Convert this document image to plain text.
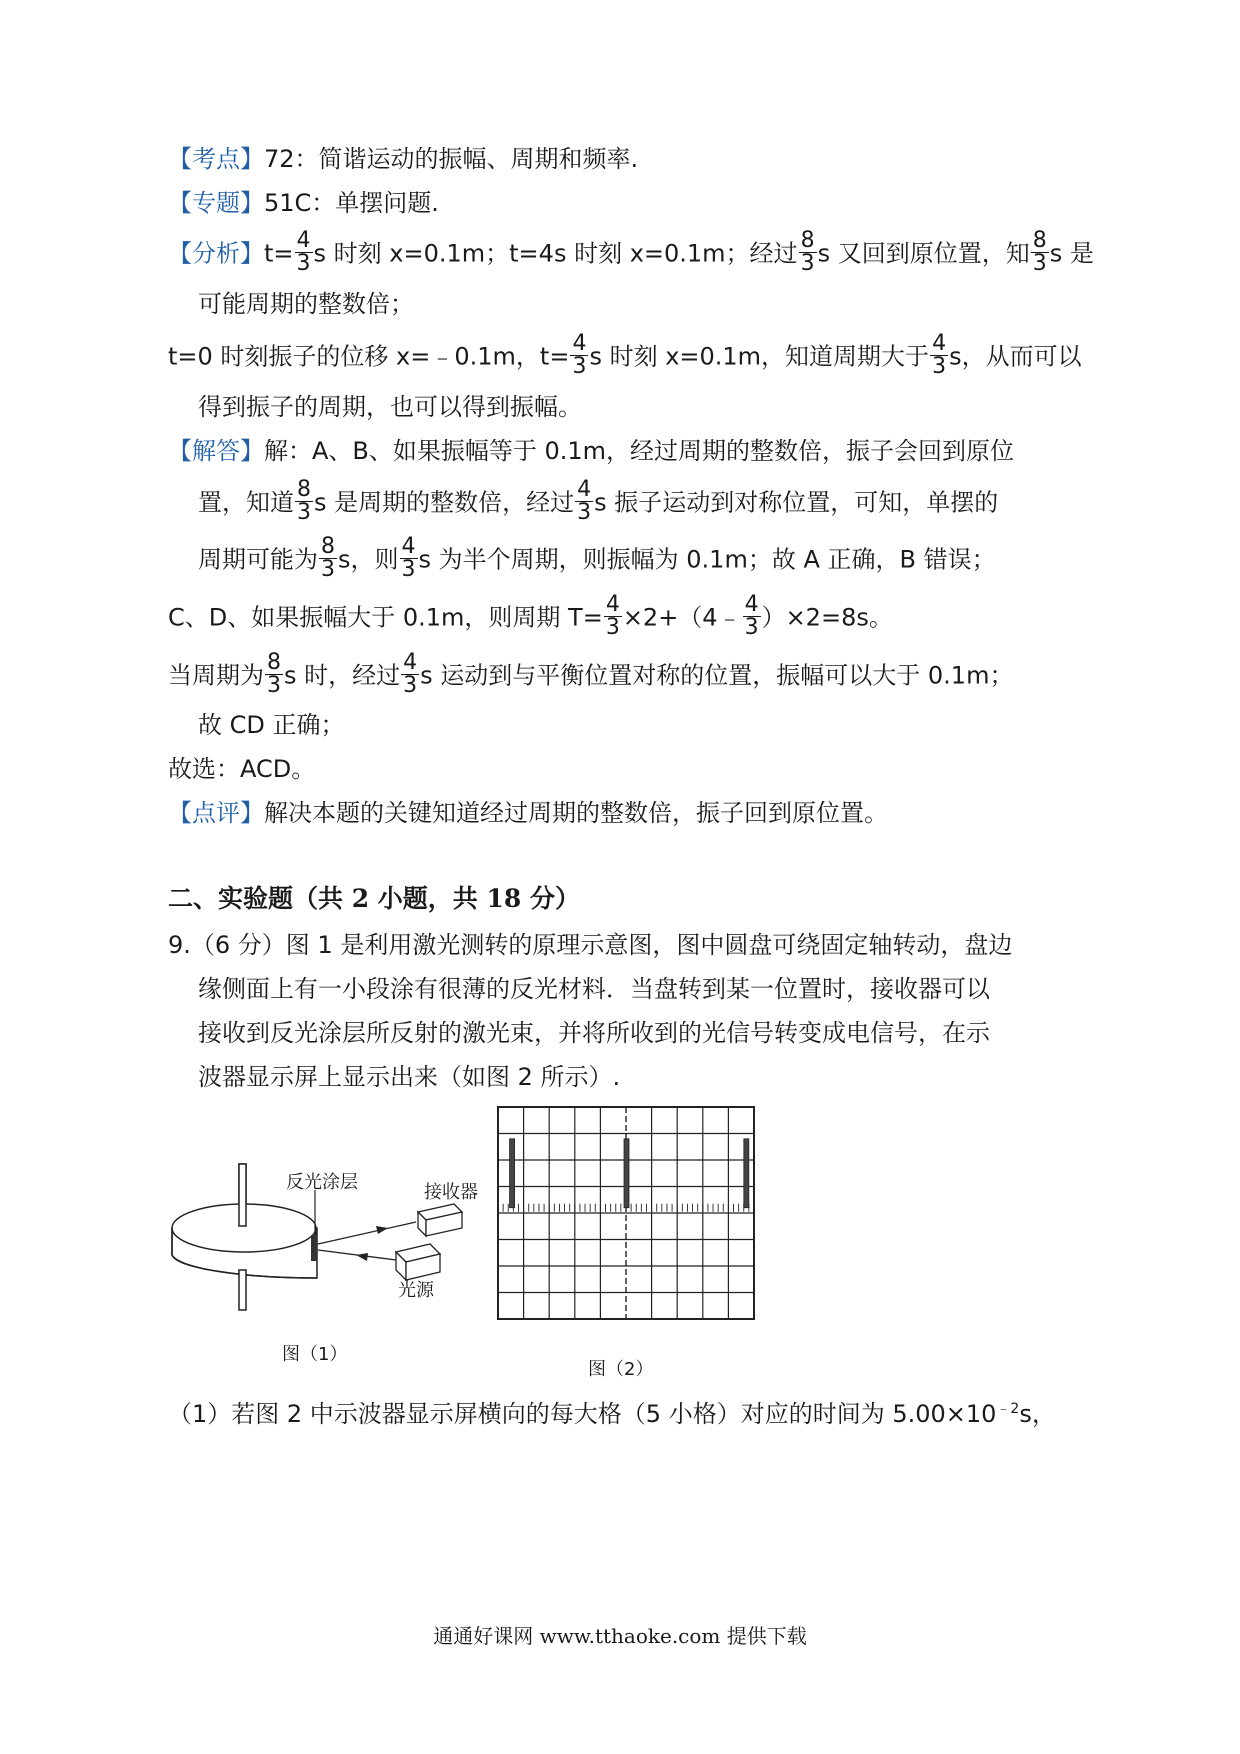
【考点】72：简谐运动的振幅、周期和频率.
【专题】51C：单摆问题.
【分析】$t= \frac{4}{3}$ s 时刻 x=0.1m；t=4s 时刻 x=0.1m；经过 $\frac{8}{3}$ s 又回到原位置，知 $\frac{8}{3}$ s 是
可能周期的整数倍；
t=0 时刻振子的位移 x=﹣0.1m，$t= \frac{4}{3}$ s 时刻 x=0.1m，知道周期大于 $\frac{4}{3}$ s，从而可以
得到振子的周期，也可以得到振幅。
【解答】解：A、B、如果振幅等于 0.1m，经过周期的整数倍，振子会回到原位
置，知道 $\frac{8}{3}$ s 是周期的整数倍，经过 $\frac{4}{3}$ s 振子运动到对称位置，可知，单摆的
周期可能为 $\frac{8}{3}$ s，则 $\frac{4}{3}$ s 为半个周期，则振幅为 0.1m；故 A 正确，B 错误；
C、D、如果振幅大于 0.1m，则周期 $T= \frac{4}{3}$ ×2+（4﹣ $\frac{4}{3} )\times 2=8s$。
当周期为 $\frac{8}{3}$ s 时，经过 $\frac{4}{3}$ s 运动到与平衡位置对称的位置，振幅可以大于 0.1m；
故 CD 正确；
故选：ACD。
【点评】解决本题的关键知道经过周期的整数倍，振子回到原位置。
二、实验题（共 2 小题，共 18 分）
9.（6 分）图 1 是利用激光测转的原理示意图，图中圆盘可绕固定轴转动，盘边
缘侧面上有一小段涂有很薄的反光材料．当盘转到某一位置时，接收器可以
接收到反光涂层所反射的激光束，并将所收到的光信号转变成电信号，在示
波器显示屏上显示出来（如图 2 所示）.
反光涂层	接收器
光源
图（1）
图（2）
（1）若图 2 中示波器显示屏横向的每大格（5 小格）对应的时间为 $5.00\times 10^{﹣2}s$，
通通好课网 www.tthaoke.com 提供下载
